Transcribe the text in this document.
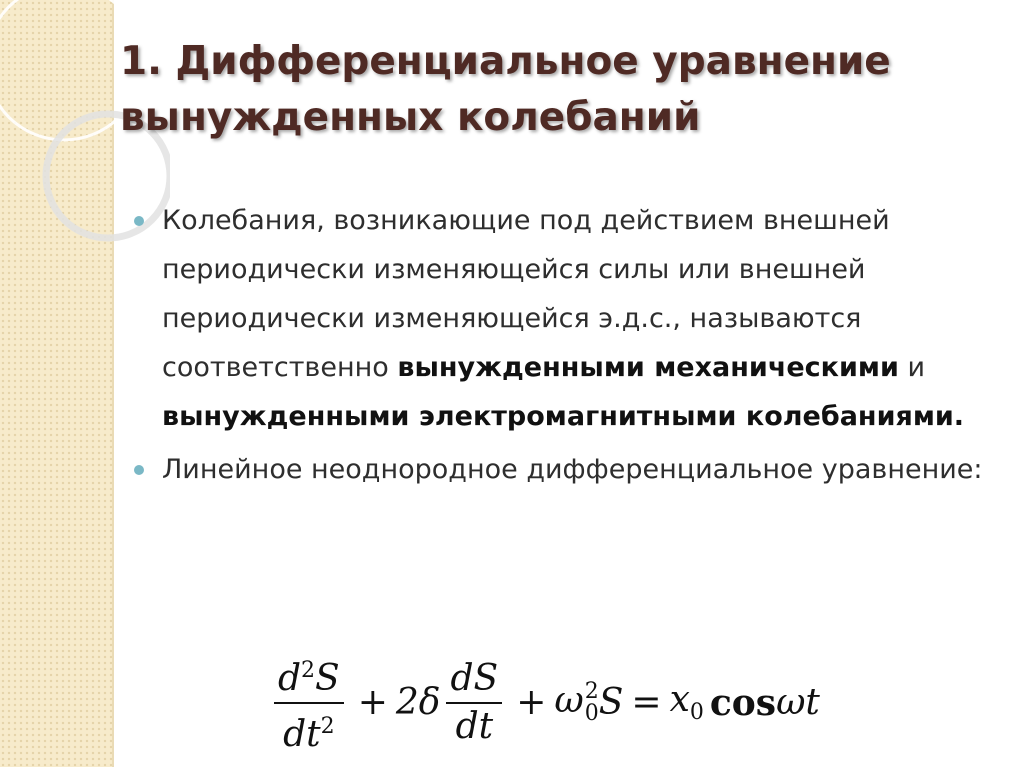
1. Дифференциальное уравнение
вынужденных колебаний
Колебания, возникающие под действием внешней периодически изменяющейся силы или внешней периодически изменяющейся э.д.с., называются соответственно вынужденными механическими и вынужденными электромагнитными колебаниями.
Линейное неоднородное дифференциальное уравнение:
$\frac{d^2S}{dt^2} + 2\delta \frac{dS}{dt} + \omega$ 2
0 $S = x_0$ cos ωt
